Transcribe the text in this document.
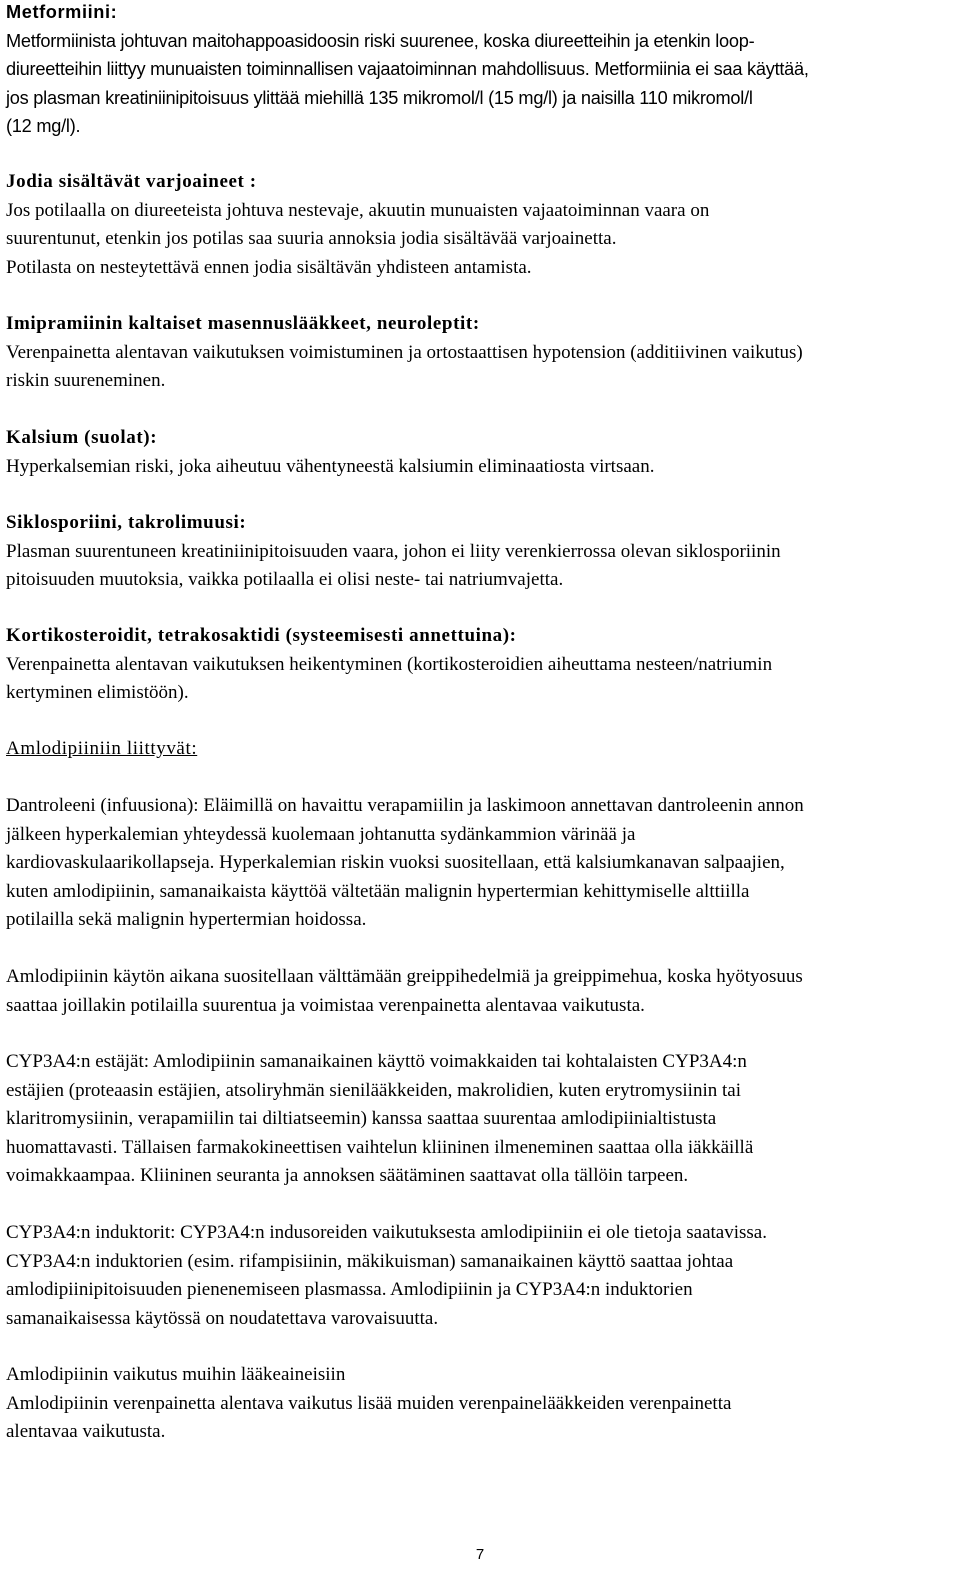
Metformiini:

Metformiinista johtuvan maitohappoasidoosin riski suurenee, koska diureetteihin ja etenkin loop-

diureetteihin liittyy munuaisten toiminnallisen vajaatoiminnan mahdollisuus. Metformiinia ei saa käyttää,

jos plasman kreatiniinipitoisuus ylittää miehillä 135 mikromol/l (15 mg/l) ja naisilla 110 mikromol/l

(12 mg/l).

Jodia sisältävät varjoaineet :

Jos potilaalla on diureeteista johtuva nestevaje, akuutin munuaisten vajaatoiminnan vaara on

suurentunut, etenkin jos potilas saa suuria annoksia jodia sisältävää varjoainetta.

Potilasta on nesteytettävä ennen jodia sisältävän yhdisteen antamista.

Imipramiinin kaltaiset masennuslääkkeet, neuroleptit:

Verenpainetta alentavan vaikutuksen voimistuminen ja ortostaattisen hypotension (additiivinen vaikutus)

riskin suureneminen.

Kalsium (suolat):

Hyperkalsemian riski, joka aiheutuu vähentyneestä kalsiumin eliminaatiosta virtsaan.

Siklosporiini, takrolimuusi:

Plasman suurentuneen kreatiniinipitoisuuden vaara, johon ei liity verenkierrossa olevan siklosporiinin

pitoisuuden muutoksia, vaikka potilaalla ei olisi neste- tai natriumvajetta.

Kortikosteroidit, tetrakosaktidi (systeemisesti annettuina):

Verenpainetta alentavan vaikutuksen heikentyminen (kortikosteroidien aiheuttama nesteen/natriumin

kertyminen elimistöön).

Amlodipiiniin liittyvät:

Dantroleeni (infuusiona): Eläimillä on havaittu verapamiilin ja laskimoon annettavan dantroleenin annon

jälkeen hyperkalemian yhteydessä kuolemaan johtanutta sydänkammion värinää ja

kardiovaskulaarikollapseja. Hyperkalemian riskin vuoksi suositellaan, että kalsiumkanavan salpaajien,

kuten amlodipiinin, samanaikaista käyttöä vältetään malignin hypertermian kehittymiselle alttiilla

potilailla sekä malignin hypertermian hoidossa.

Amlodipiinin käytön aikana suositellaan välttämään greippihedelmiä ja greippimehua, koska hyötyosuus

saattaa joillakin potilailla suurentua ja voimistaa verenpainetta alentavaa vaikutusta.

CYP3A4:n estäjät: Amlodipiinin samanaikainen käyttö voimakkaiden tai kohtalaisten CYP3A4:n

estäjien (proteaasin estäjien, atsoliryhmän sienilääkkeiden, makrolidien, kuten erytromysiinin tai

klaritromysiinin, verapamiilin tai diltiatseemin) kanssa saattaa suurentaa amlodipiinialtistusta

huomattavasti. Tällaisen farmakokineettisen vaihtelun kliininen ilmeneminen saattaa olla iäkkäillä

voimakkaampaa. Kliininen seuranta ja annoksen säätäminen saattavat olla tällöin tarpeen.

CYP3A4:n induktorit: CYP3A4:n indusoreiden vaikutuksesta amlodipiiniin ei ole tietoja saatavissa.

CYP3A4:n induktorien (esim. rifampisiinin, mäkikuisman) samanaikainen käyttö saattaa johtaa

amlodipiinipitoisuuden pienenemiseen plasmassa. Amlodipiinin ja CYP3A4:n induktorien

samanaikaisessa käytössä on noudatettava varovaisuutta.

Amlodipiinin vaikutus muihin lääkeaineisiin

Amlodipiinin verenpainetta alentava vaikutus lisää muiden verenpainelääkkeiden verenpainetta

alentavaa vaikutusta.

7
